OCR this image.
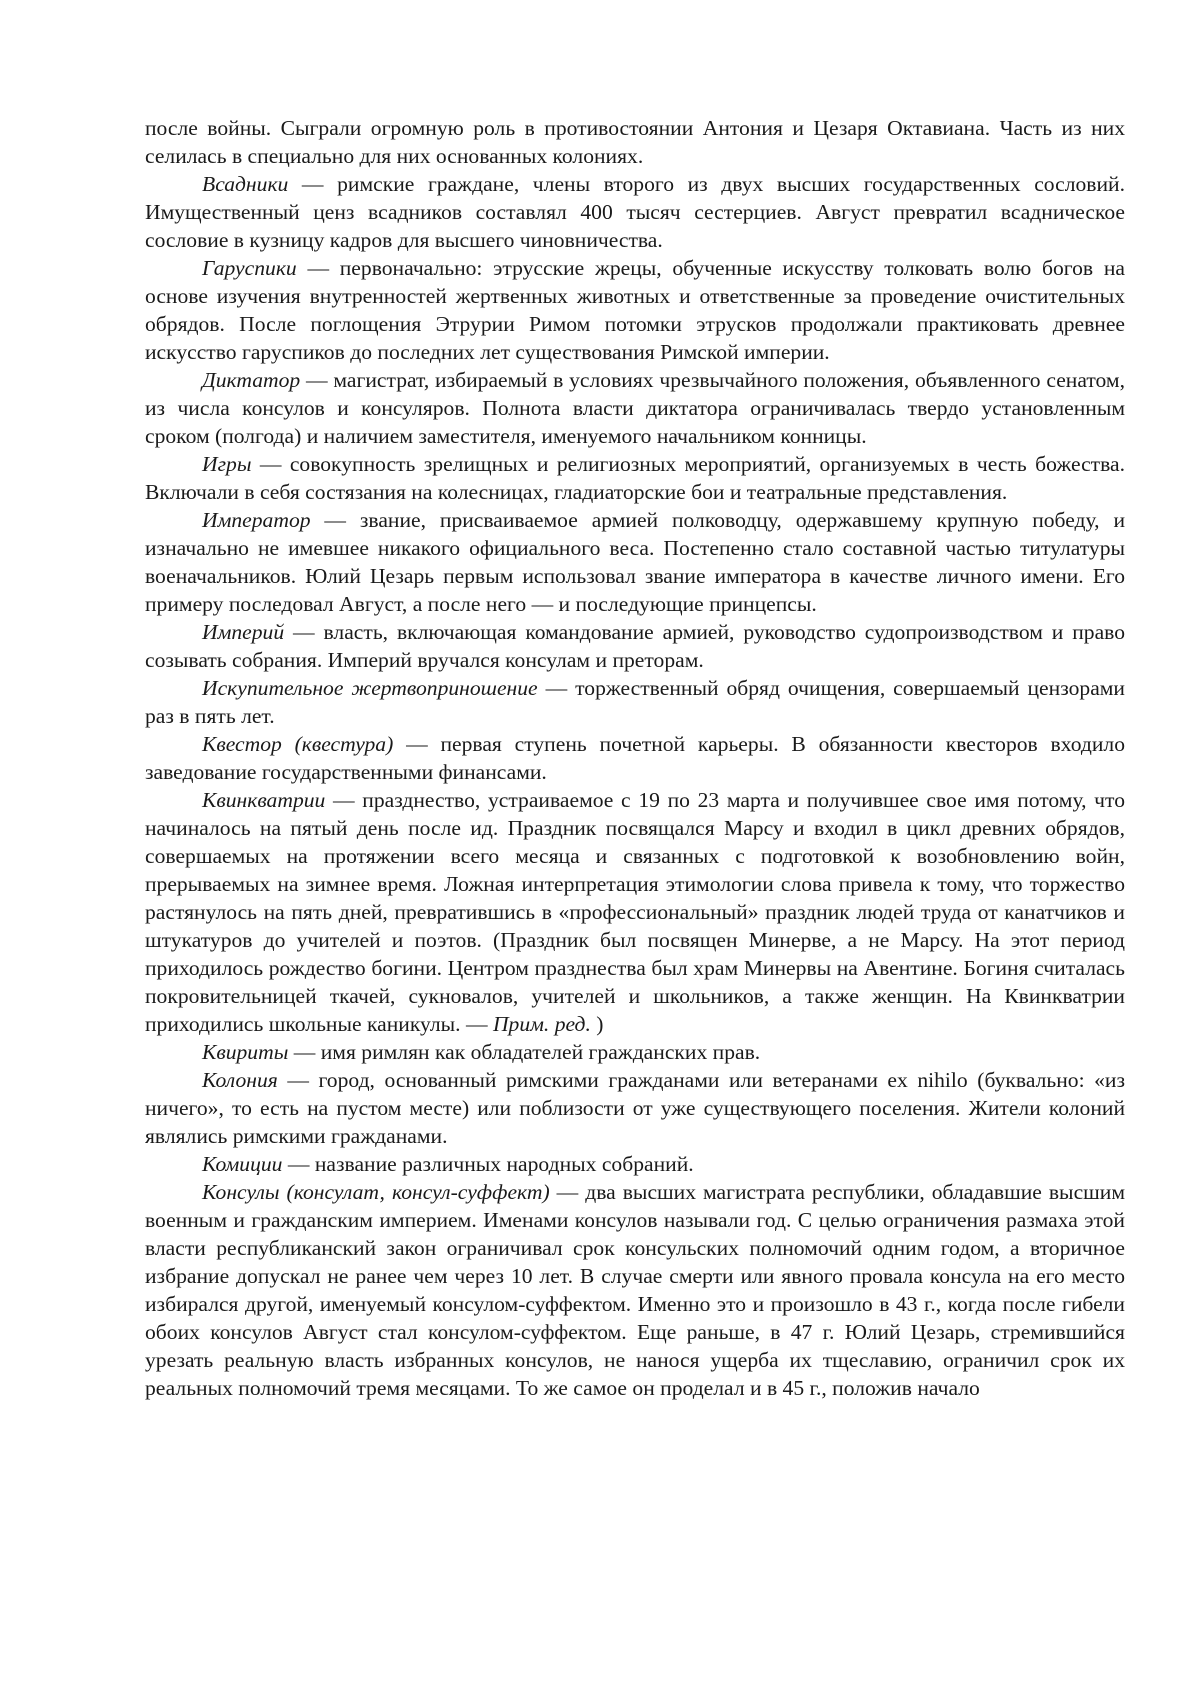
после войны. Сыграли огромную роль в противостоянии Антония и Цезаря Октавиана. Часть из них селилась в специально для них основанных колониях.

Всадники — римские граждане, члены второго из двух высших государственных сословий. Имущественный ценз всадников составлял 400 тысяч сестерциев. Август превратил всадническое сословие в кузницу кадров для высшего чиновничества.

Гаруспики — первоначально: этрусские жрецы, обученные искусству толковать волю богов на основе изучения внутренностей жертвенных животных и ответственные за проведение очистительных обрядов. После поглощения Этрурии Римом потомки этрусков продолжали практиковать древнее искусство гаруспиков до последних лет существования Римской империи.

Диктатор — магистрат, избираемый в условиях чрезвычайного положения, объявленного сенатом, из числа консулов и консуляров. Полнота власти диктатора ограничивалась твердо установленным сроком (полгода) и наличием заместителя, именуемого начальником конницы.

Игры — совокупность зрелищных и религиозных мероприятий, организуемых в честь божества. Включали в себя состязания на колесницах, гладиаторские бои и театральные представления.

Император — звание, присваиваемое армией полководцу, одержавшему крупную победу, и изначально не имевшее никакого официального веса. Постепенно стало составной частью титулатуры военачальников. Юлий Цезарь первым использовал звание императора в качестве личного имени. Его примеру последовал Август, а после него — и последующие принцепсы.

Империй — власть, включающая командование армией, руководство судопроизводством и право созывать собрания. Империй вручался консулам и преторам.

Искупительное жертвоприношение — торжественный обряд очищения, совершаемый цензорами раз в пять лет.

Квестор (квестура) — первая ступень почетной карьеры. В обязанности квесторов входило заведование государственными финансами.

Квинкватрии — празднество, устраиваемое с 19 по 23 марта и получившее свое имя потому, что начиналось на пятый день после ид. Праздник посвящался Марсу и входил в цикл древних обрядов, совершаемых на протяжении всего месяца и связанных с подготовкой к возобновлению войн, прерываемых на зимнее время. Ложная интерпретация этимологии слова привела к тому, что торжество растянулось на пять дней, превратившись в «профессиональный» праздник людей труда от канатчиков и штукатуров до учителей и поэтов. (Праздник был посвящен Минерве, а не Марсу. На этот период приходилось рождество богини. Центром празднества был храм Минервы на Авентине. Богиня считалась покровительницей ткачей, сукновалов, учителей и школьников, а также женщин. На Квинкватрии приходились школьные каникулы. — Прим. ред. )

Квириты — имя римлян как обладателей гражданских прав.

Колония — город, основанный римскими гражданами или ветеранами ex nihilo (буквально: «из ничего», то есть на пустом месте) или поблизости от уже существующего поселения. Жители колоний являлись римскими гражданами.

Комиции — название различных народных собраний.

Консулы (консулат, консул-суффект) — два высших магистрата республики, обладавшие высшим военным и гражданским империем. Именами консулов называли год. С целью ограничения размаха этой власти республиканский закон ограничивал срок консульских полномочий одним годом, а вторичное избрание допускал не ранее чем через 10 лет. В случае смерти или явного провала консула на его место избирался другой, именуемый консулом-суффектом. Именно это и произошло в 43 г., когда после гибели обоих консулов Август стал консулом-суффектом. Еще раньше, в 47 г. Юлий Цезарь, стремившийся урезать реальную власть избранных консулов, не нанося ущерба их тщеславию, ограничил срок их реальных полномочий тремя месяцами. То же самое он проделал и в 45 г., положив начало
